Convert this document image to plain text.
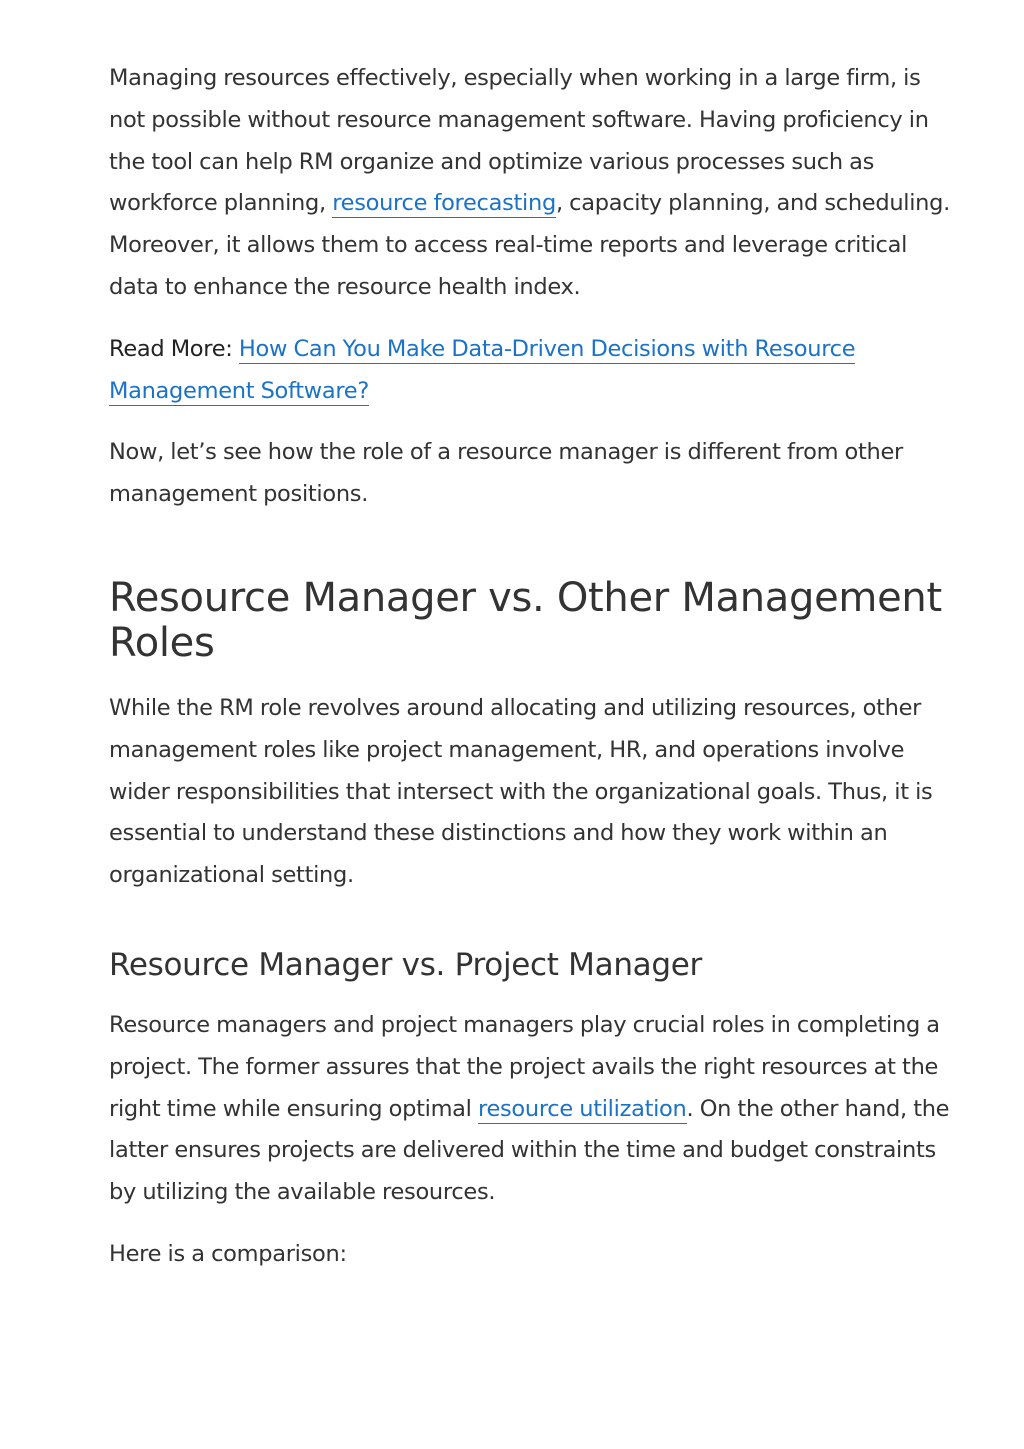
Managing resources effectively, especially when working in a large firm, is not possible without resource management software. Having proficiency in the tool can help RM organize and optimize various processes such as workforce planning, resource forecasting, capacity planning, and scheduling. Moreover, it allows them to access real-time reports and leverage critical data to enhance the resource health index.

Read More: How Can You Make Data-Driven Decisions with Resource Management Software?

Now, let’s see how the role of a resource manager is different from other management positions.

Resource Manager vs. Other Management Roles

While the RM role revolves around allocating and utilizing resources, other management roles like project management, HR, and operations involve wider responsibilities that intersect with the organizational goals. Thus, it is essential to understand these distinctions and how they work within an organizational setting.

Resource Manager vs. Project Manager

Resource managers and project managers play crucial roles in completing a project. The former assures that the project avails the right resources at the right time while ensuring optimal resource utilization. On the other hand, the latter ensures projects are delivered within the time and budget constraints by utilizing the available resources.

Here is a comparison:
